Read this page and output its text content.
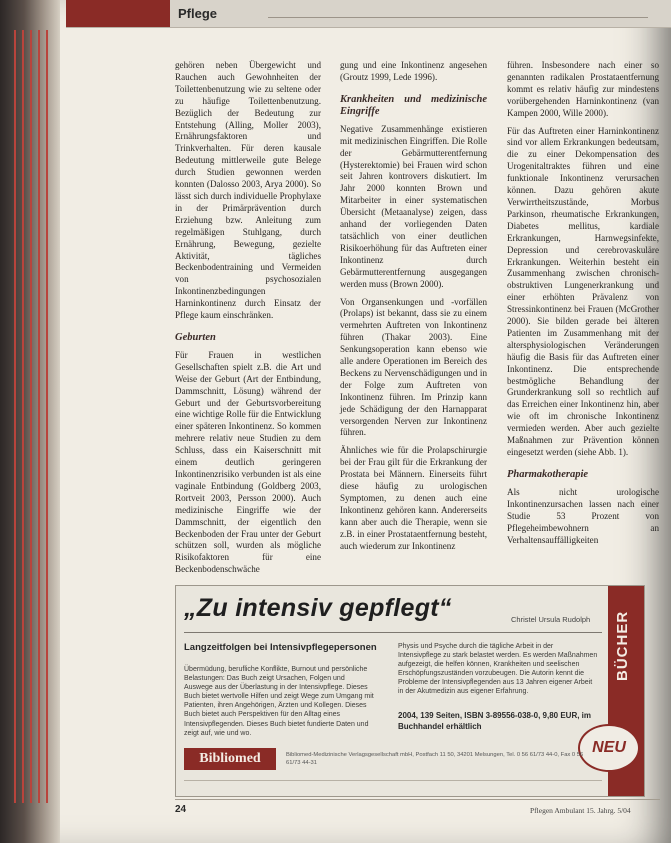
Pflege

gehören neben Übergewicht und Rauchen auch Gewohnheiten der Toilettenbenutzung wie zu seltene oder zu häufige Toilettenbenutzung. Bezüglich der Bedeutung zur Entstehung (Alling, Moller 2003), Ernährungsfaktoren und Trinkverhalten. Für deren kausale Bedeutung mittlerweile gute Belege durch Studien gewonnen werden konnten (Dalosso 2003, Arya 2000). So lässt sich durch individuelle Prophylaxe in der Primärprävention durch Erziehung bzw. Anleitung zum regelmäßigen Stuhlgang, durch Ernährung, Bewegung, gezielte Aktivität, tägliches Beckenbodentraining und Vermeiden von psychosozialen Inkontinenzbedingungen Harninkontinenz durch Einsatz der Pflege kaum einschränken.

Geburten

Für Frauen in westlichen Gesellschaften spielt z.B. die Art und Weise der Geburt (Art der Entbindung, Dammschnitt, Lösung) während der Geburt und der Geburtsvorbereitung eine wichtige Rolle für die Entwicklung einer späteren Inkontinenz. So kommen mehrere relativ neue Studien zu dem Schluss, dass ein Kaiserschnitt mit einem deutlich geringeren Inkontinenzrisiko verbunden ist als eine vaginale Entbindung (Goldberg 2003, Rortveit 2003, Persson 2000). Auch medizinische Eingriffe wie der Dammschnitt, der eigentlich den Beckenboden der Frau unter der Geburt schützen soll, wurden als mögliche Risikofaktoren für eine Beckenbodenschwäche

gung und eine Inkontinenz angesehen (Groutz 1999, Lede 1996).

Krankheiten und medizinische Eingriffe

Negative Zusammenhänge existieren mit medizinischen Eingriffen. Die Rolle der Gebärmutterentfernung (Hysterektomie) bei Frauen wird schon seit Jahren kontrovers diskutiert. Im Jahr 2000 konnten Brown und Mitarbeiter in einer systematischen Übersicht (Metaanalyse) zeigen, dass anhand der vorliegenden Daten tatsächlich von einer deutlichen Risikoerhöhung für das Auftreten einer Inkontinenz durch Gebärmutterentfernung ausgegangen werden muss (Brown 2000).

Von Organsenkungen und -vorfällen (Prolaps) ist bekannt, dass sie zu einem vermehrten Auftreten von Inkontinenz führen (Thakar 2003). Eine Senkungsoperation kann ebenso wie alle andere Operationen im Bereich des Beckens zu Nervenschädigungen und in der Folge zum Auftreten von Inkontinenz führen. Im Prinzip kann jede Schädigung der den Harnapparat versorgenden Nerven zur Inkontinenz führen.

Ähnliches wie für die Prolapschirurgie bei der Frau gilt für die Erkrankung der Prostata bei Männern. Einerseits führt diese häufig zu urologischen Symptomen, zu denen auch eine Inkontinenz gehören kann. Andererseits kann aber auch die Therapie, wenn sie z.B. in einer Prostataentfernung besteht, auch wiederum zur Inkontinenz

führen. Insbesondere nach einer so genannten radikalen Prostataentfernung kommt es relativ häufig zur mindestens vorübergehenden Harninkontinenz (van Kampen 2000, Wille 2000).

Für das Auftreten einer Harninkontinenz sind vor allem Erkrankungen bedeutsam, die zu einer Dekompensation des Urogenitaltraktes führen und eine funktionale Inkontinenz verursachen können. Dazu gehören akute Verwirrtheitszustände, Morbus Parkinson, rheumatische Erkrankungen, Diabetes mellitus, kardiale Erkrankungen, Harnwegsinfekte, Depression und cerebrovaskuläre Erkrankungen. Weiterhin besteht ein Zusammenhang zwischen chronisch-obstruktiven Lungenerkrankung und einer erhöhten Prävalenz von Stressinkontinenz bei Frauen (McGrother 2000). Sie bilden gerade bei älteren Patienten im Zusammenhang mit der altersphysiologischen Veränderungen häufig die Basis für das Auftreten einer Inkontinenz. Die entsprechende bestmögliche Behandlung der Grunderkrankung soll so rechtlich auf das Erreichen einer Inkontinenz hin, aber wie oft im chronische Inkontinenz vermieden werden. Aber auch gezielte Maßnahmen zur Prävention können eingesetzt werden (siehe Abb. 1).

Pharmakotherapie

Als nicht urologische Inkontinenzursachen lassen nach einer Studie 53 Prozent von Pflegeheimbewohnern an Verhaltensauffälligkeiten

„Zu intensiv gepflegt“	Christel Ursula Rudolph
Langzeitfolgen bei Intensivpflegepersonen
Übermüdung, berufliche Konflikte, Burnout und persönliche Belastungen: Das Buch zeigt Ursachen, Folgen und Auswege aus der Überlastung in der Intensivpflege. Dieses Buch bietet wertvolle Hilfen und zeigt Wege zum Umgang mit Patienten, ihren Angehörigen, Ärzten und Kollegen. Dieses Buch bietet auch Perspektiven für den Alltag eines Intensivpflegenden. Dieses Buch bietet fundierte Daten und zeigt auf, wie und wo.
Physis und Psyche durch die tägliche Arbeit in der Intensivpflege zu stark belastet werden. Es werden Maßnahmen aufgezeigt, die helfen können, Krankheiten und seelischen Erschöpfungszuständen vorzubeugen. Die Autorin kennt die Probleme der Intensivpflegenden aus 13 Jahren eigener Arbeit in der Akutmedizin aus eigener Erfahrung.
2004, 139 Seiten, ISBN 3-89556-038-0, 9,80 EUR, im Buchhandel erhältlich
BÜCHER
NEU
Bibliomed	Bibliomed-Medizinische Verlagsgesellschaft mbH, Postfach 11 50, 34201 Melsungen, Tel. 0 56 61/73 44-0, Fax 0 56 61/73 44-31
24	Pflegen Ambulant 15. Jahrg. 5/04
